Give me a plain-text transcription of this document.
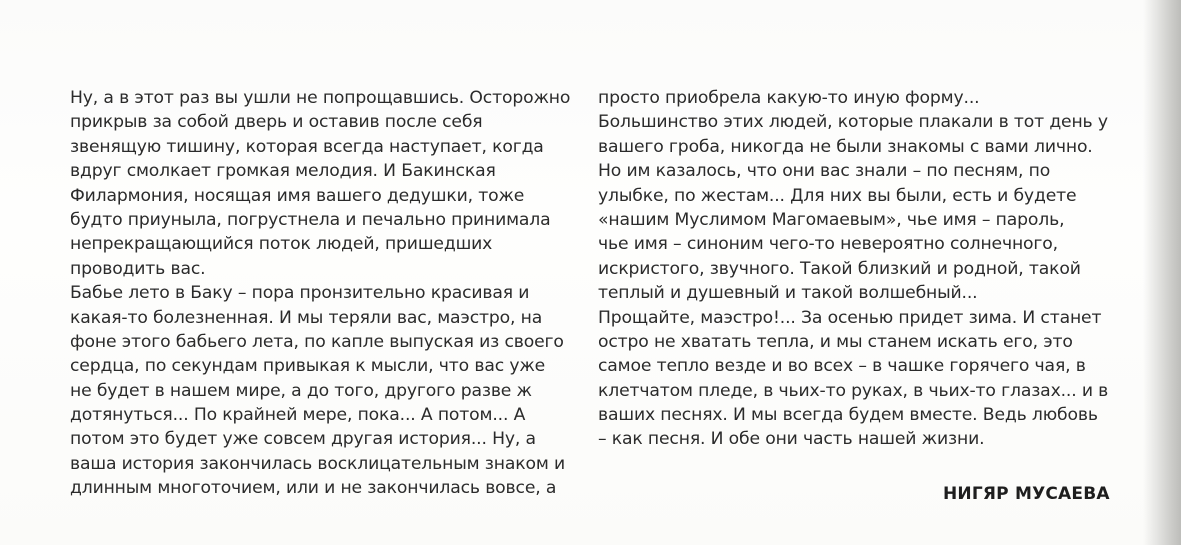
Ну, а в этот раз вы ушли не попрощавшись. Осторожно
прикрыв за собой дверь и оставив после себя
звенящую тишину, которая всегда наступает, когда
вдруг смолкает громкая мелодия. И Бакинская
Филармония, носящая имя вашего дедушки, тоже
будто приуныла, погрустнела и печально принимала
непрекращающийся поток людей, пришедших
проводить вас.
Бабье лето в Баку – пора пронзительно красивая и
какая-то болезненная. И мы теряли вас, маэстро, на
фоне этого бабьего лета, по капле выпуская из своего
сердца, по секундам привыкая к мысли, что вас уже
не будет в нашем мире, а до того, другого разве ж
дотянуться... По крайней мере, пока... А потом... А
потом это будет уже совсем другая история... Ну, а
ваша история закончилась восклицательным знаком и
длинным многоточием, или и не закончилась вовсе, а
просто приобрела какую-то иную форму...
Большинство этих людей, которые плакали в тот день у
вашего гроба, никогда не были знакомы с вами лично.
Но им казалось, что они вас знали – по песням, по
улыбке, по жестам... Для них вы были, есть и будете
«нашим Муслимом Магомаевым», чье имя – пароль,
чье имя – синоним чего-то невероятно солнечного,
искристого, звучного. Такой близкий и родной, такой
теплый и душевный и такой волшебный...
Прощайте, маэстро!... За осенью придет зима. И станет
остро не хватать тепла, и мы станем искать его, это
самое тепло везде и во всех – в чашке горячего чая, в
клетчатом пледе, в чьих-то руках, в чьих-то глазах... и в
ваших песнях. И мы всегда будем вместе. Ведь любовь
– как песня. И обе они часть нашей жизни.
НИГЯР МУСАЕВА
